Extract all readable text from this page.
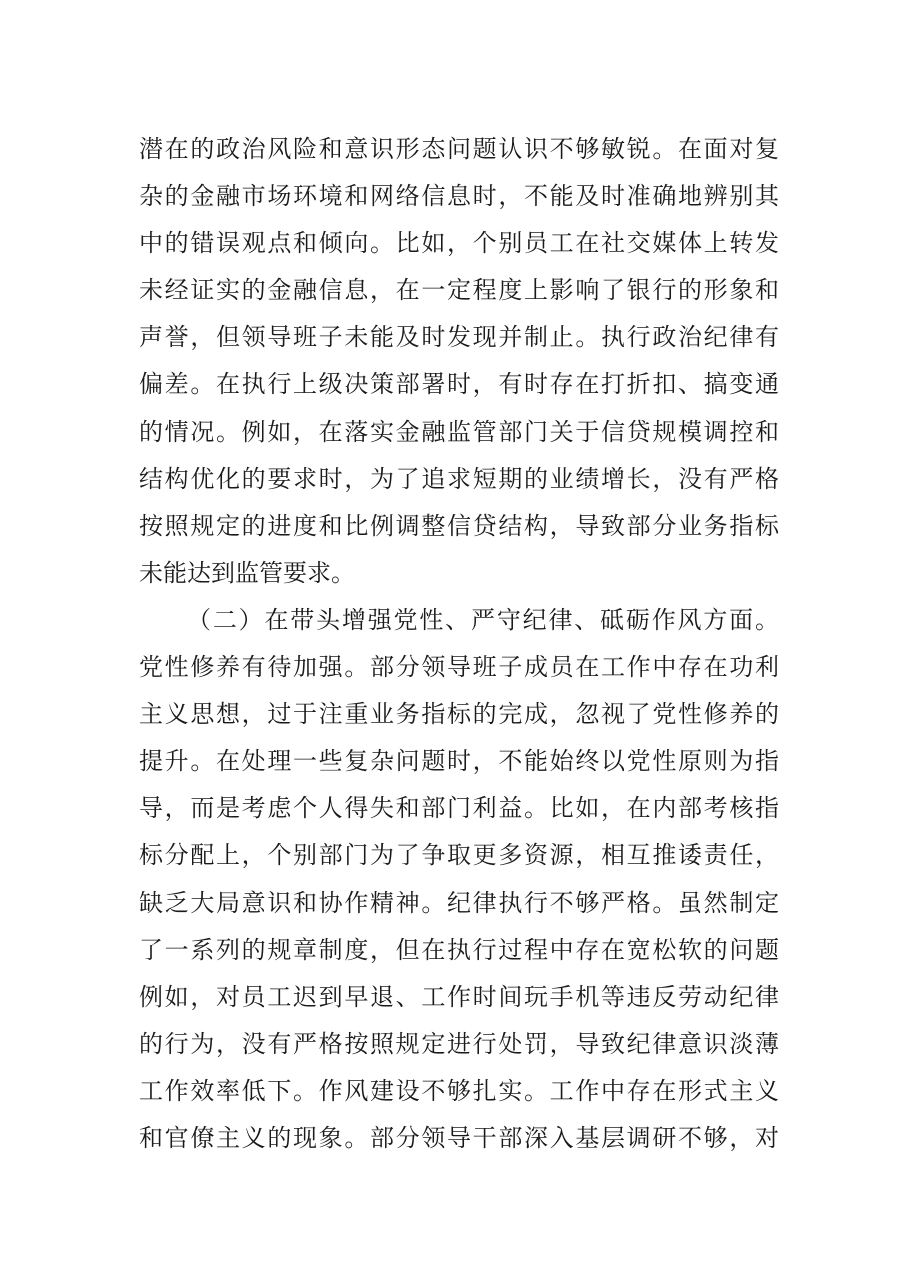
潜在的政治风险和意识形态问题认识不够敏锐。在面对复
杂的金融市场环境和网络信息时，不能及时准确地辨别其
中的错误观点和倾向。比如，个别员工在社交媒体上转发
未经证实的金融信息，在一定程度上影响了银行的形象和
声誉，但领导班子未能及时发现并制止。执行政治纪律有
偏差。在执行上级决策部署时，有时存在打折扣、搞变通
的情况。例如，在落实金融监管部门关于信贷规模调控和
结构优化的要求时，为了追求短期的业绩增长，没有严格
按照规定的进度和比例调整信贷结构，导致部分业务指标
未能达到监管要求。
（二）在带头增强党性、严守纪律、砥砺作风方面。
党性修养有待加强。部分领导班子成员在工作中存在功利
主义思想，过于注重业务指标的完成，忽视了党性修养的
提升。在处理一些复杂问题时，不能始终以党性原则为指
导，而是考虑个人得失和部门利益。比如，在内部考核指
标分配上，个别部门为了争取更多资源，相互推诿责任，
缺乏大局意识和协作精神。纪律执行不够严格。虽然制定
了一系列的规章制度，但在执行过程中存在宽松软的问题
例如，对员工迟到早退、工作时间玩手机等违反劳动纪律
的行为，没有严格按照规定进行处罚，导致纪律意识淡薄
工作效率低下。作风建设不够扎实。工作中存在形式主义
和官僚主义的现象。部分领导干部深入基层调研不够，对
